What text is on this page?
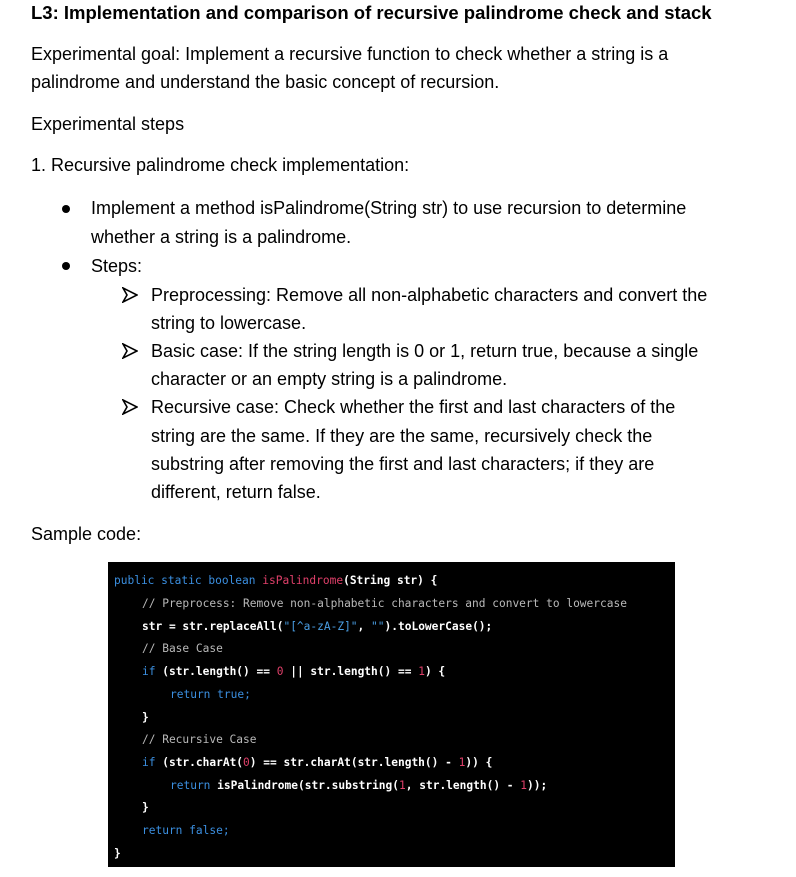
L3: Implementation and comparison of recursive palindrome check and stack
Experimental goal: Implement a recursive function to check whether a string is a
palindrome and understand the basic concept of recursion.
Experimental steps
1. Recursive palindrome check implementation:
Implement a method isPalindrome(String str) to use recursion to determine
whether a string is a palindrome.
Steps:
Preprocessing: Remove all non-alphabetic characters and convert the
string to lowercase.
Basic case: If the string length is 0 or 1, return true, because a single
character or an empty string is a palindrome.
Recursive case: Check whether the first and last characters of the
string are the same. If they are the same, recursively check the
substring after removing the first and last characters; if they are
different, return false.
Sample code:
public static boolean isPalindrome(String str) {
// Preprocess: Remove non-alphabetic characters and convert to lowercase
str = str.replaceAll("[^a-zA-Z]", "").toLowerCase();
// Base Case
if (str.length() == 0 || str.length() == 1) {
return true;
}
// Recursive Case
if (str.charAt(0) == str.charAt(str.length() - 1)) {
return isPalindrome(str.substring(1, str.length() - 1));
}
return false;
}
